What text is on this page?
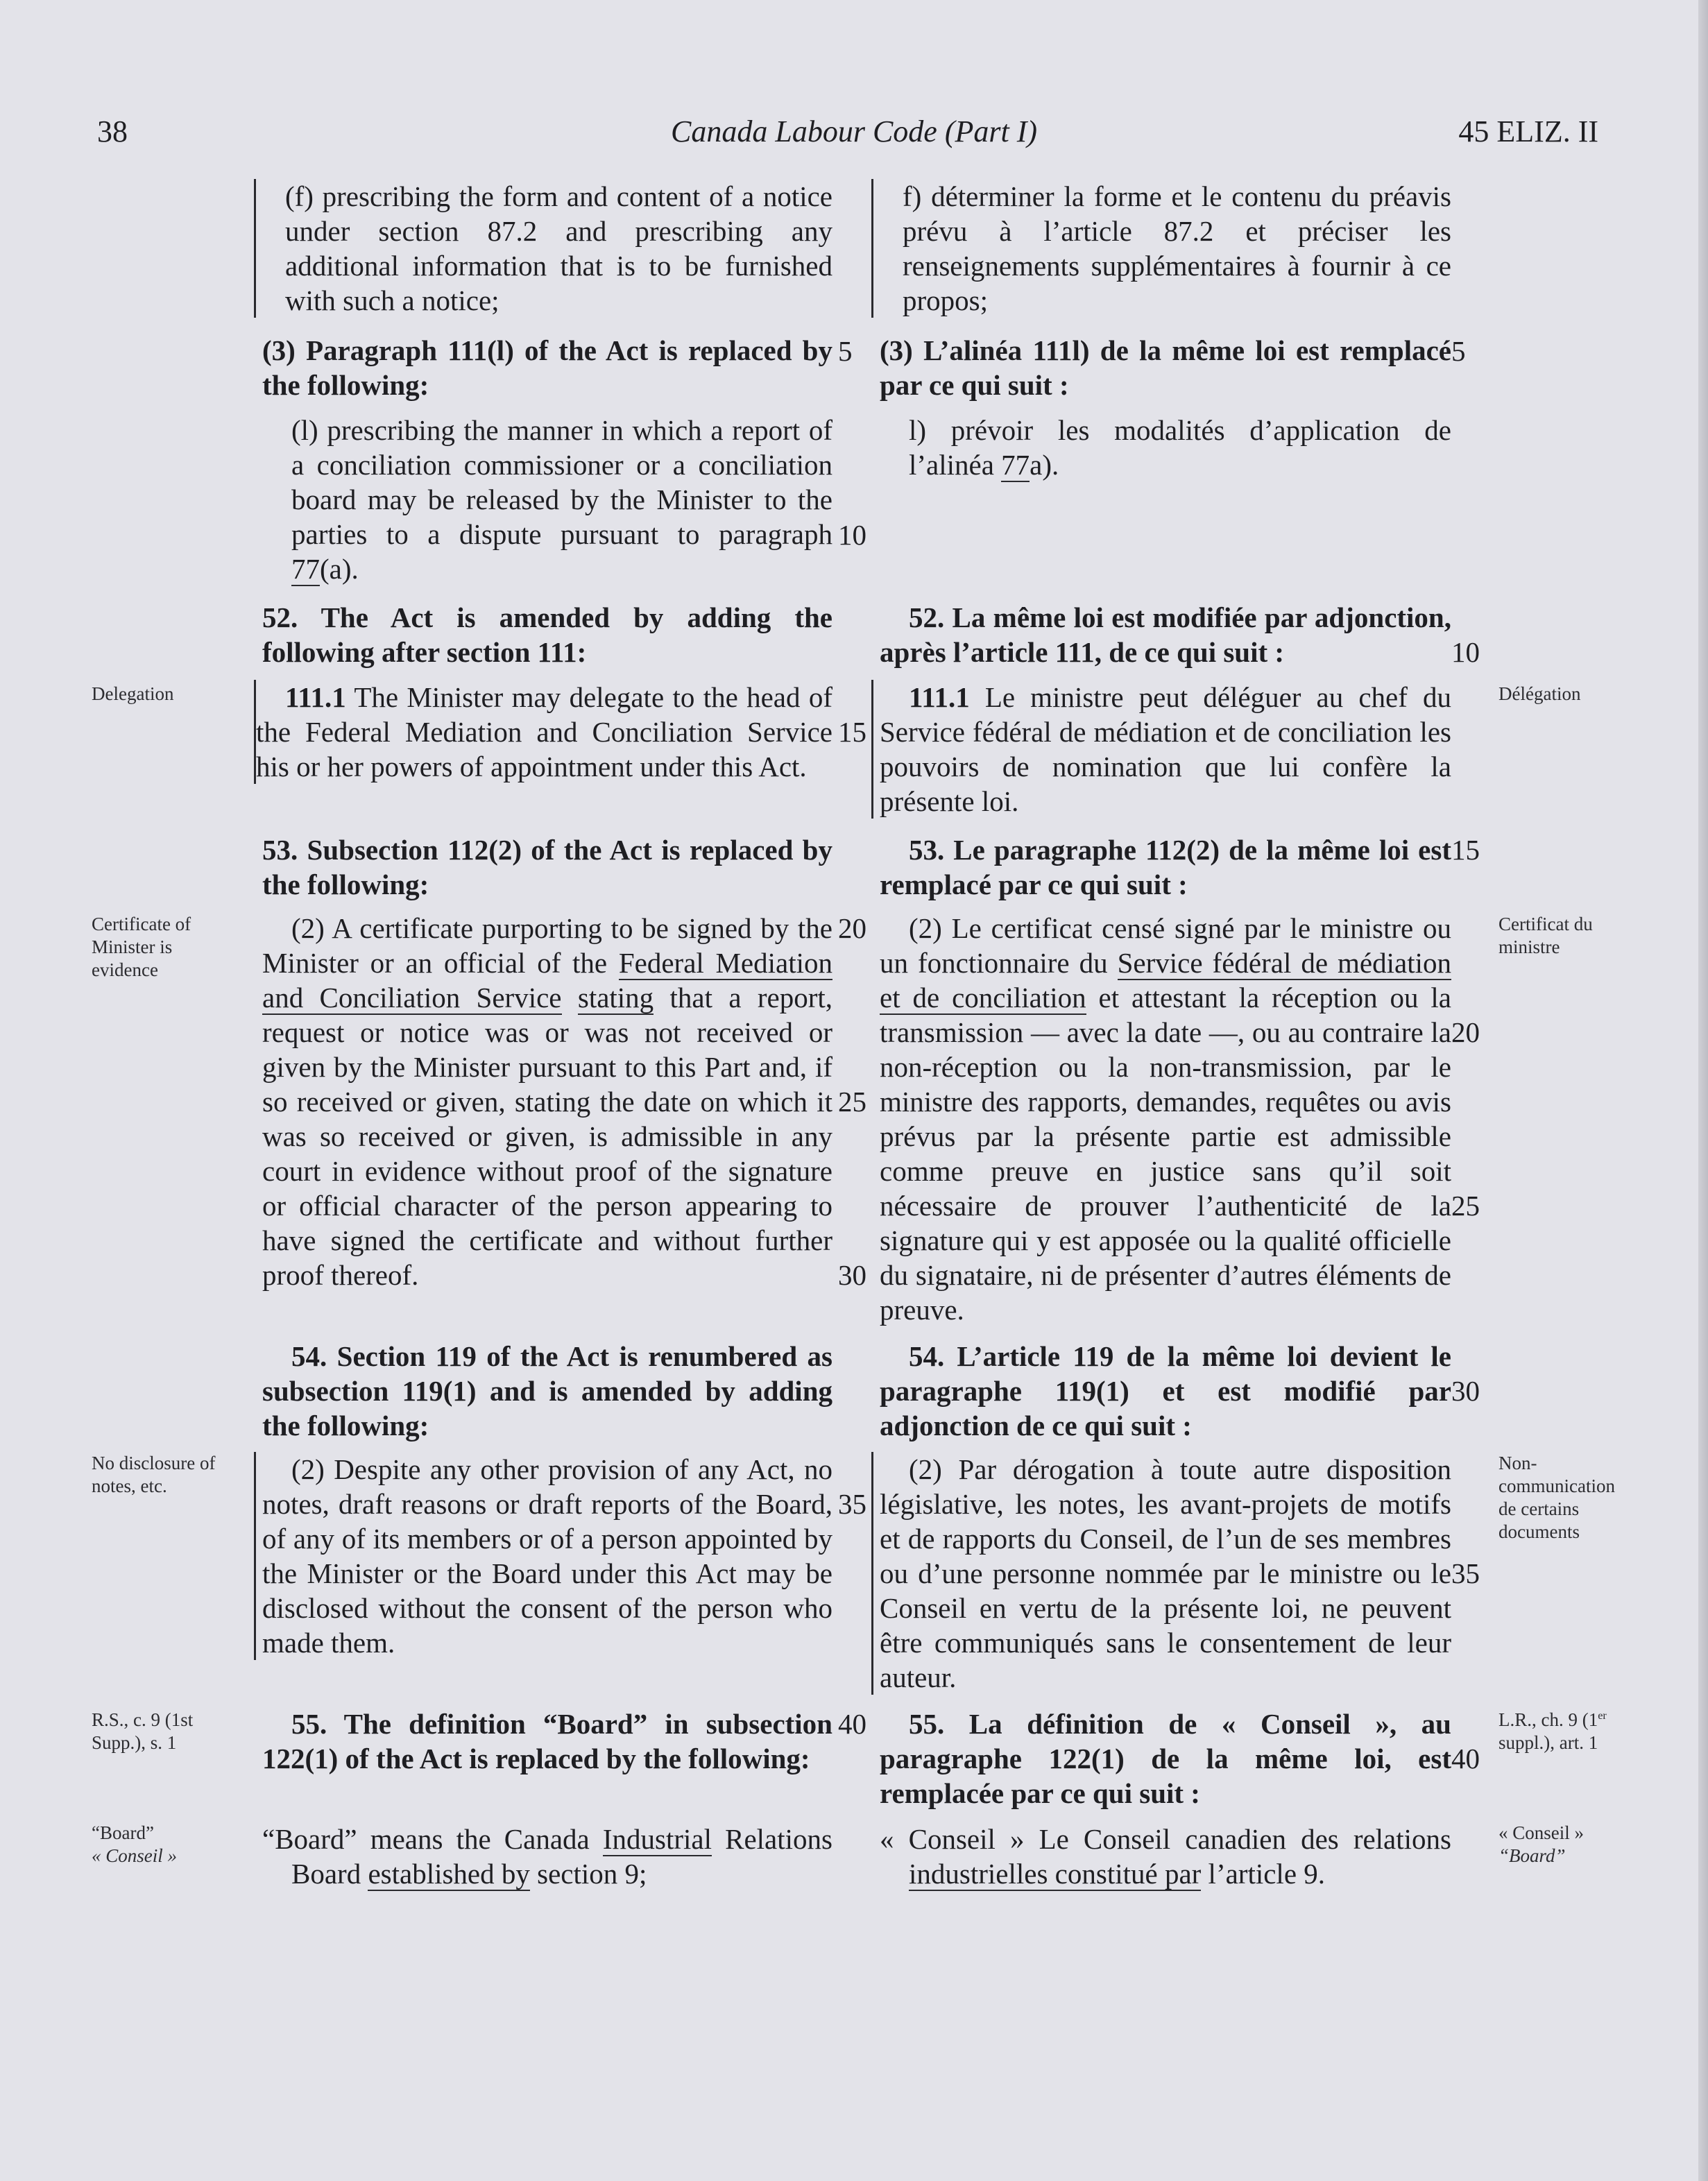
38	Canada Labour Code (Part I)	45 ELIZ. II
(f) prescribing the form and content of a notice under section 87.2 and prescribing any additional information that is to be furnished with such a notice;
(3) Paragraph 111(l) of the Act is replaced by the following:
(l) prescribing the manner in which a report of a conciliation commissioner or a conciliation board may be released by the Minister to the parties to a dispute pursuant to paragraph 77(a).
52. The Act is amended by adding the following after section 111:
111.1 The Minister may delegate to the head of the Federal Mediation and Conciliation Service his or her powers of appointment under this Act.
53. Subsection 112(2) of the Act is replaced by the following:
(2) A certificate purporting to be signed by the Minister or an official of the Federal Mediation and Conciliation Service stating that a report, request or notice was or was not received or given by the Minister pursuant to this Part and, if so received or given, stating the date on which it was so received or given, is admissible in any court in evidence without proof of the signature or official character of the person appearing to have signed the certificate and without further proof thereof.
54. Section 119 of the Act is renumbered as subsection 119(1) and is amended by adding the following:
(2) Despite any other provision of any Act, no notes, draft reasons or draft reports of the Board, of any of its members or of a person appointed by the Minister or the Board under this Act may be disclosed without the consent of the person who made them.
55. The definition “Board” in subsection 122(1) of the Act is replaced by the following:
“Board” means the Canada Industrial Relations Board established by section 9;
5
10
15
20
25
30
35
40
f) déterminer la forme et le contenu du préavis prévu à l’article 87.2 et préciser les renseignements supplémentaires à fournir à ce propos;
(3) L’alinéa 111l) de la même loi est remplacé par ce qui suit :
l) prévoir les modalités d’application de l’alinéa 77a).
52. La même loi est modifiée par adjonction, après l’article 111, de ce qui suit :
111.1 Le ministre peut déléguer au chef du Service fédéral de médiation et de conciliation les pouvoirs de nomination que lui confère la présente loi.
53. Le paragraphe 112(2) de la même loi est remplacé par ce qui suit :
(2) Le certificat censé signé par le ministre ou un fonctionnaire du Service fédéral de médiation et de conciliation et attestant la réception ou la transmission — avec la date —, ou au contraire la non-réception ou la non-transmission, par le ministre des rapports, demandes, requêtes ou avis prévus par la présente partie est admissible comme preuve en justice sans qu’il soit nécessaire de prouver l’authenticité de la signature qui y est apposée ou la qualité officielle du signataire, ni de présenter d’autres éléments de preuve.
54. L’article 119 de la même loi devient le paragraphe 119(1) et est modifié par adjonction de ce qui suit :
(2) Par dérogation à toute autre disposition législative, les notes, les avant-projets de motifs et de rapports du Conseil, de l’un de ses membres ou d’une personne nommée par le ministre ou le Conseil en vertu de la présente loi, ne peuvent être communiqués sans le consentement de leur auteur.
55. La définition de « Conseil », au paragraphe 122(1) de la même loi, est remplacée par ce qui suit :
« Conseil » Le Conseil canadien des relations industrielles constitué par l’article 9.
5
10
15
20
25
30
35
40
Delegation
Certificate of Minister is evidence
No disclosure of notes, etc.
R.S., c. 9 (1st Supp.), s. 1
“Board”
« Conseil »
Délégation
Certificat du ministre
Non-communication de certains documents
L.R., ch. 9 (1er suppl.), art. 1
« Conseil »
“Board”
